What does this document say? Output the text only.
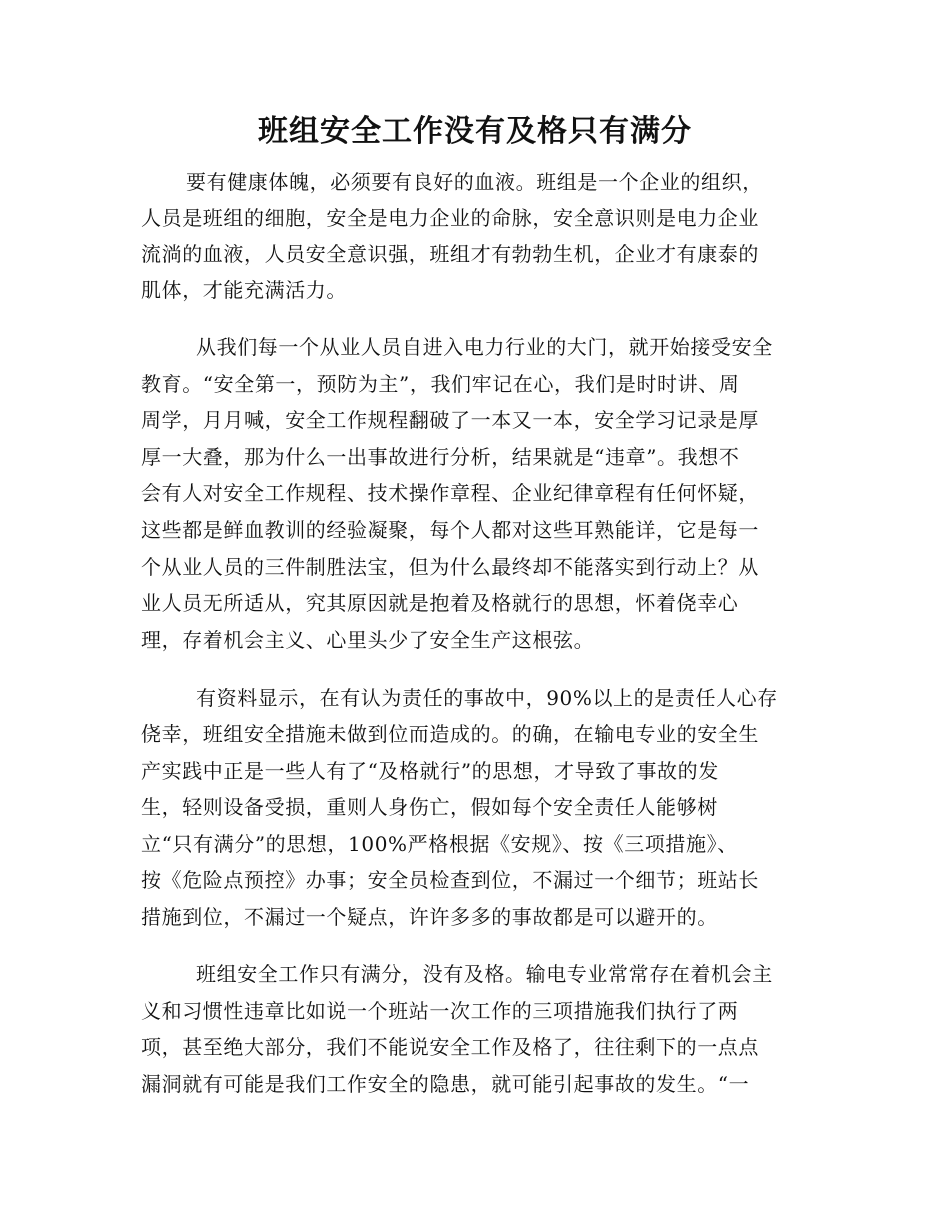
班组安全工作没有及格只有满分
要有健康体魄，必须要有良好的血液。班组是一个企业的组织，
人员是班组的细胞，安全是电力企业的命脉，安全意识则是电力企业
流淌的血液，人员安全意识强，班组才有勃勃生机，企业才有康泰的
肌体，才能充满活力。
从我们每一个从业人员自进入电力行业的大门，就开始接受安全
教育。“安全第一，预防为主”，我们牢记在心，我们是时时讲、周
周学，月月喊，安全工作规程翻破了一本又一本，安全学习记录是厚
厚一大叠，那为什么一出事故进行分析，结果就是“违章”。我想不
会有人对安全工作规程、技术操作章程、企业纪律章程有任何怀疑，
这些都是鲜血教训的经验凝聚，每个人都对这些耳熟能详，它是每一
个从业人员的三件制胜法宝，但为什么最终却不能落实到行动上？从
业人员无所适从，究其原因就是抱着及格就行的思想，怀着侥幸心
理，存着机会主义、心里头少了安全生产这根弦。
有资料显示，在有认为责任的事故中，90%以上的是责任人心存
侥幸，班组安全措施未做到位而造成的。的确，在输电专业的安全生
产实践中正是一些人有了“及格就行”的思想，才导致了事故的发
生，轻则设备受损，重则人身伤亡，假如每个安全责任人能够树
立“只有满分”的思想，100%严格根据《安规》、按《三项措施》、
按《危险点预控》办事；安全员检查到位，不漏过一个细节；班站长
措施到位，不漏过一个疑点，许许多多的事故都是可以避开的。
班组安全工作只有满分，没有及格。输电专业常常存在着机会主
义和习惯性违章比如说一个班站一次工作的三项措施我们执行了两
项，甚至绝大部分，我们不能说安全工作及格了，往往剩下的一点点
漏洞就有可能是我们工作安全的隐患，就可能引起事故的发生。“一
